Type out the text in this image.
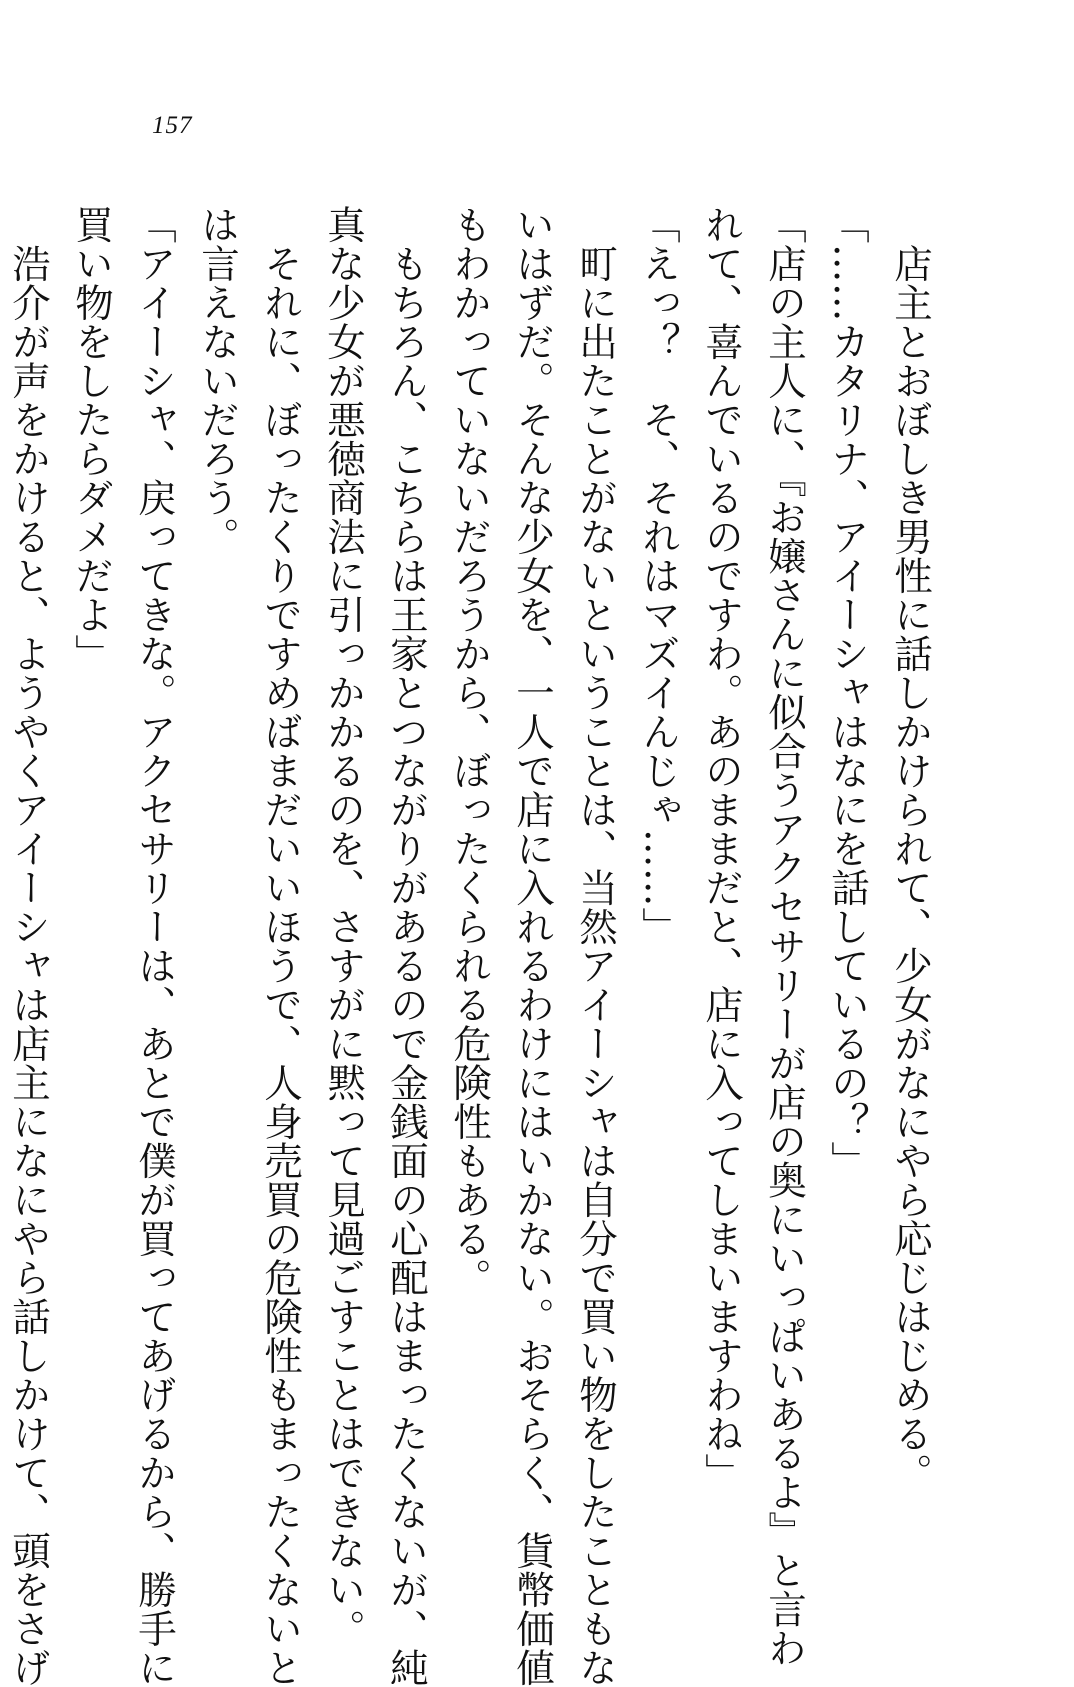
157
　店主とおぼしき男性に話しかけられて、少女がなにやら応じはじめる。
「……カタリナ、アイーシャはなにを話しているの？」
「店の主人に、『お嬢さんに似合うアクセサリーが店の奥にいっぱいあるよ』と言わ
れて、喜んでいるのですわ。あのままだと、店に入ってしまいますわね」
「えっ？　そ、それはマズイんじゃ……」
　町に出たことがないということは、当然アイーシャは自分で買い物をしたこともな
いはずだ。そんな少女を、一人で店に入れるわけにはいかない。おそらく、貨幣価値
もわかっていないだろうから、ぼったくられる危険性もある。
　もちろん、こちらは王家とつながりがあるので金銭面の心配はまったくないが、純
真な少女が悪徳商法に引っかかるのを、さすがに黙って見過ごすことはできない。
　それに、ぼったくりですめばまだいいほうで、人身売買の危険性もまったくないと
は言えないだろう。
「アイーシャ、戻ってきな。アクセサリーは、あとで僕が買ってあげるから、勝手に
買い物をしたらダメだよ」
　浩介が声をかけると、ようやくアイーシャは店主になにやら話しかけて、頭をさげ
